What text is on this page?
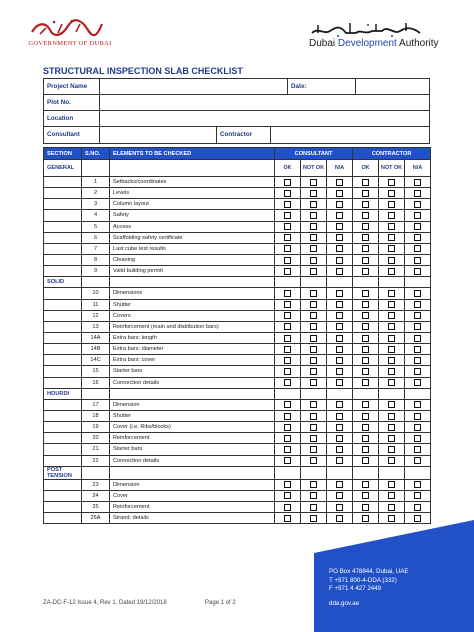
GOVERNMENT OF DUBAI	Dubai Development Authority
STRUCTURAL INSPECTION SLAB CHECKLIST
Project Name	Date:
Plot No.
Location
Consultant	Contractor
SECTION	S.NO.	ELEMENTS TO BE CHECKED	CONSULTANT			CONTRACTOR		
GENERAL			OK	NOT OK	N/A	OK	NOT OK	N/A
	1	Setbacks/coordinates						
	2	Levels						
	3	Column layout						
	4	Safety						
	5	Access						
	6	Scaffolding safety certificate						
	7	Last cube test results						
	8	Cleaning						
	9	Valid building permit						
SOLID								
	10	Dimensions						
	11	Shutter						
	12	Covers						
	13	Reinforcement (main and distribution bars)						
	14A	Extra bars: length						
	14B	Extra bars: diameter						
	14C	Extra bars: cover						
	15	Starter bars						
	16	Connection details						
HOURDI								
	17	Dimension						
	18	Shutter						
	19	Cover (i.e. Ribs/blocks)						
	20	Reinforcement						
	21	Starter bars						
	22	Connection details						
POST TENSION								
	23	Dimension						
	24	Cover						
	25	Reinforcement						
	26A	Strand: details						
PO Box 478844, Dubai, UAE
T +971 800-4-DDA (332)
F +971 4 427 2449
dda.gov.ae
ZA-DC-F-12 Issue 4, Rev 1, Dated 19/12/2018	Page 1 of 2
